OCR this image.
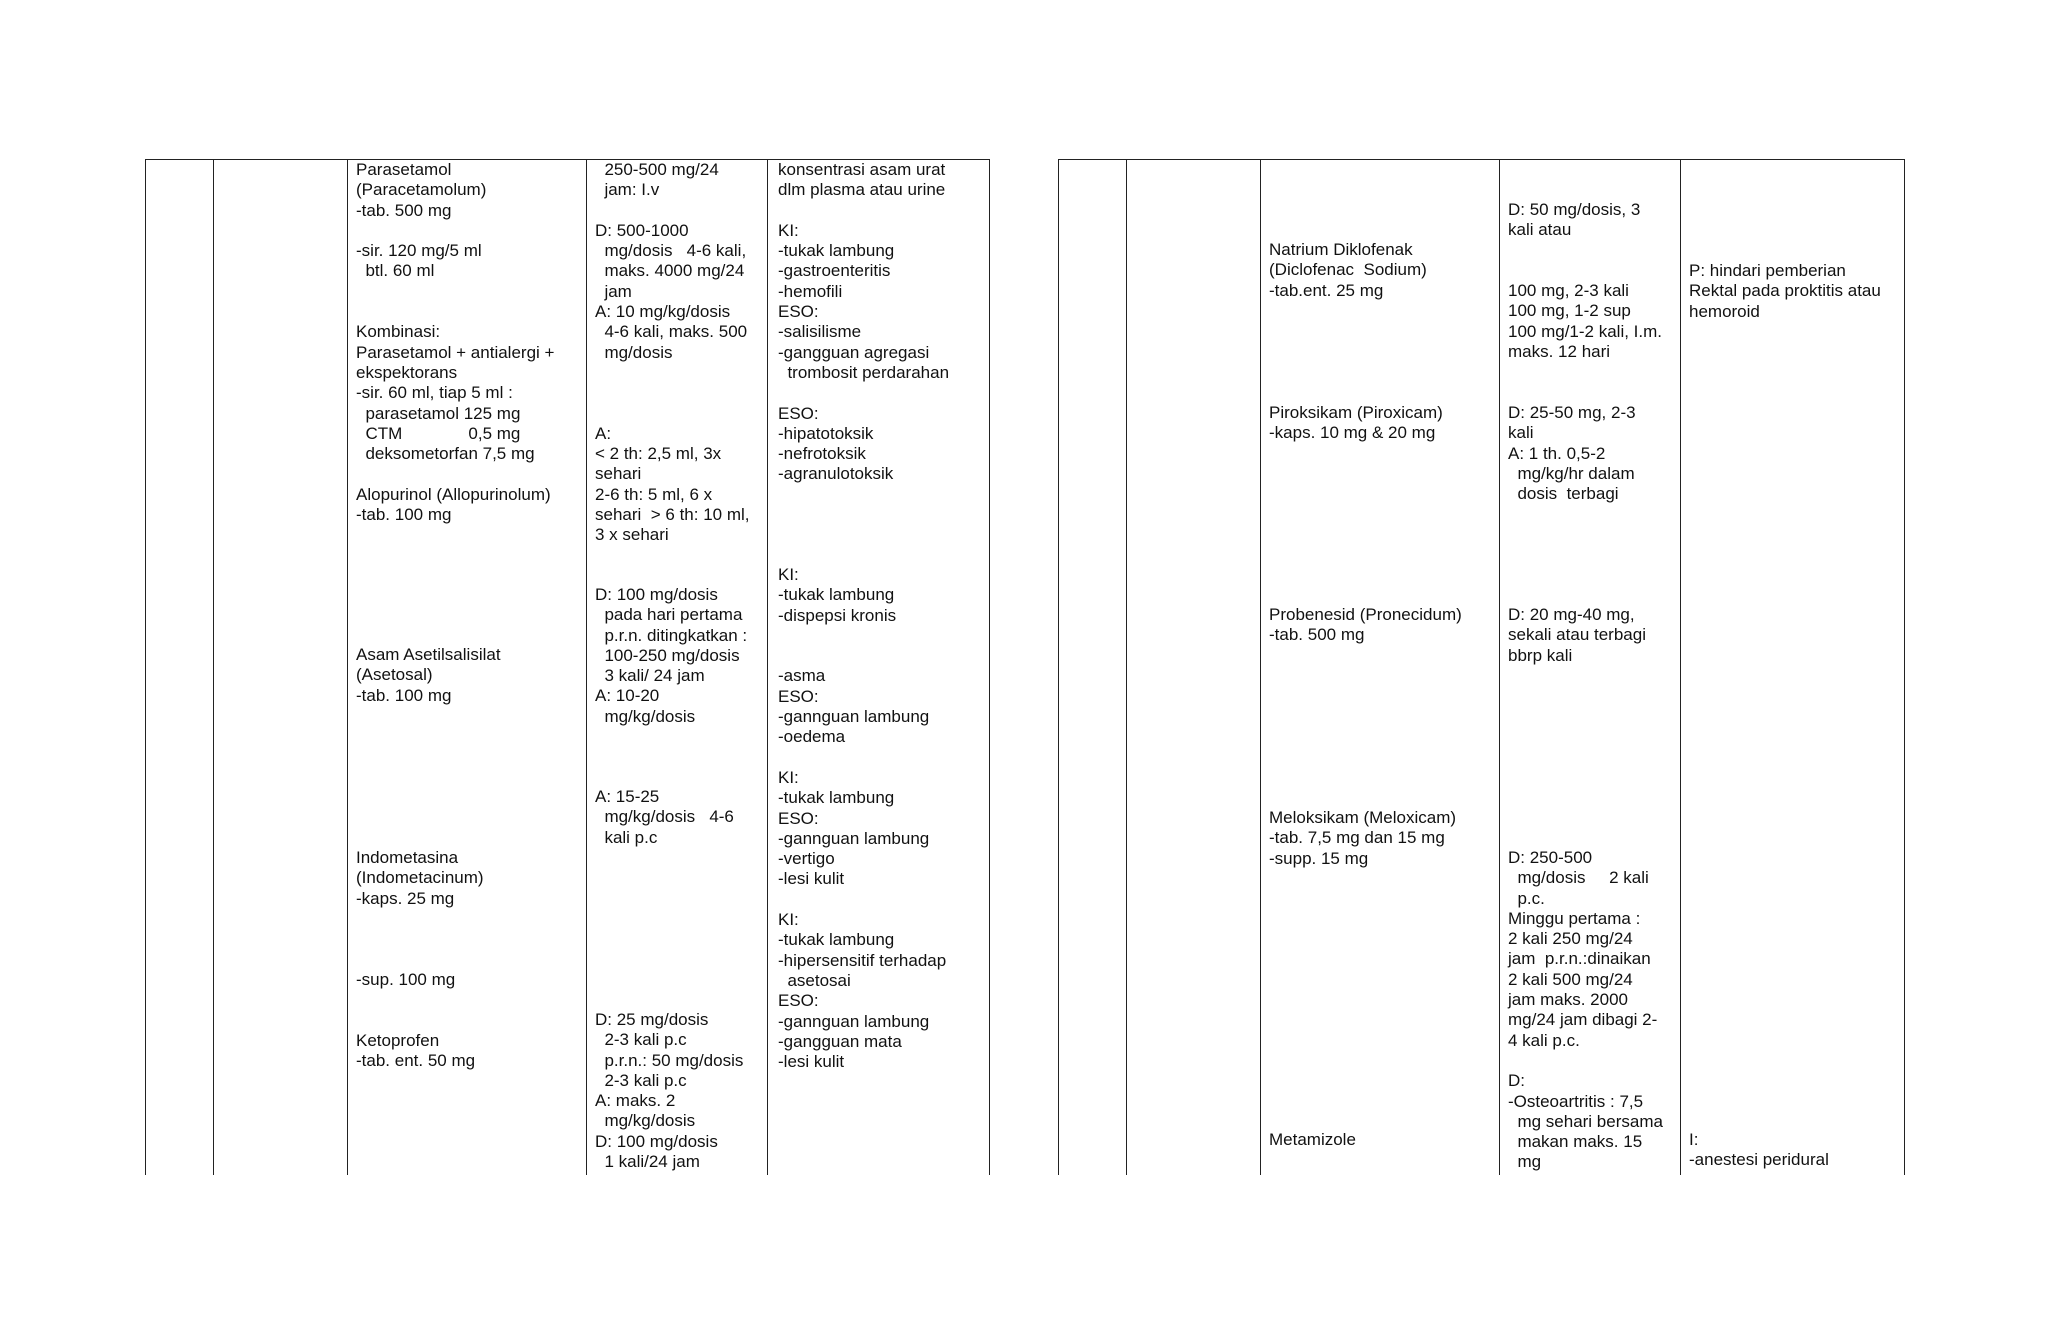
Parasetamol
(Paracetamolum)
-tab. 500 mg

-sir. 120 mg/5 ml
btl. 60 ml

Kombinasi:
Parasetamol + antialergi +
ekspektorans
-sir. 60 ml, tiap 5 ml :
parasetamol 125 mg
CTM              0,5 mg
deksometorfan 7,5 mg

Alopurinol (Allopurinolum)
-tab. 100 mg
Asam Asetilsalisilat
(Asetosal)
-tab. 100 mg
Indometasina
(Indometacinum)
-kaps. 25 mg

-sup. 100 mg

Ketoprofen
-tab. ent. 50 mg
250-500 mg/24
jam: I.v

D: 500-1000
mg/dosis   4-6 kali,
maks. 4000 mg/24
jam
A: 10 mg/kg/dosis
4-6 kali, maks. 500
mg/dosis

A:
< 2 th: 2,5 ml, 3x
sehari
2-6 th: 5 ml, 6 x
sehari  > 6 th: 10 ml,
3 x sehari
D: 100 mg/dosis
pada hari pertama
p.r.n. ditingkatkan :
100-250 mg/dosis
3 kali/ 24 jam
A: 10-20
mg/kg/dosis
A: 15-25
mg/kg/dosis   4-6
kali p.c
D: 25 mg/dosis
2-3 kali p.c
p.r.n.: 50 mg/dosis
2-3 kali p.c
A: maks. 2
mg/kg/dosis
D: 100 mg/dosis
1 kali/24 jam
konsentrasi asam urat
dlm plasma atau urine

KI:
-tukak lambung
-gastroenteritis
-hemofili
ESO:
-salisilisme
-gangguan agregasi
trombosit perdarahan

ESO:
-hipatotoksik
-nefrotoksik
-agranulotoksik
KI:
-tukak lambung
-dispepsi kronis

-asma
ESO:
-gannguan lambung
-oedema

KI:
-tukak lambung
ESO:
-gannguan lambung
-vertigo
-lesi kulit

KI:
-tukak lambung
-hipersensitif terhadap
asetosai
ESO:
-gannguan lambung
-gangguan mata
-lesi kulit
Natrium Diklofenak
(Diclofenac  Sodium)
-tab.ent. 25 mg
Piroksikam (Piroxicam)
-kaps. 10 mg & 20 mg
Probenesid (Pronecidum)
-tab. 500 mg
Meloksikam (Meloxicam)
-tab. 7,5 mg dan 15 mg
-supp. 15 mg
Metamizole
D: 50 mg/dosis, 3
kali atau

100 mg, 2-3 kali
100 mg, 1-2 sup
100 mg/1-2 kali, I.m.
maks. 12 hari
D: 25-50 mg, 2-3
kali
A: 1 th. 0,5-2
mg/kg/hr dalam
dosis  terbagi
D: 20 mg-40 mg,
sekali atau terbagi
bbrp kali
D: 250-500
mg/dosis     2 kali
p.c.
Minggu pertama :
2 kali 250 mg/24
jam  p.r.n.:dinaikan
2 kali 500 mg/24
jam maks. 2000
mg/24 jam dibagi 2-
4 kali p.c.

D:
-Osteoartritis : 7,5
mg sehari bersama
makan maks. 15
mg
P: hindari pemberian
Rektal pada proktitis atau
hemoroid
I:
-anestesi peridural
